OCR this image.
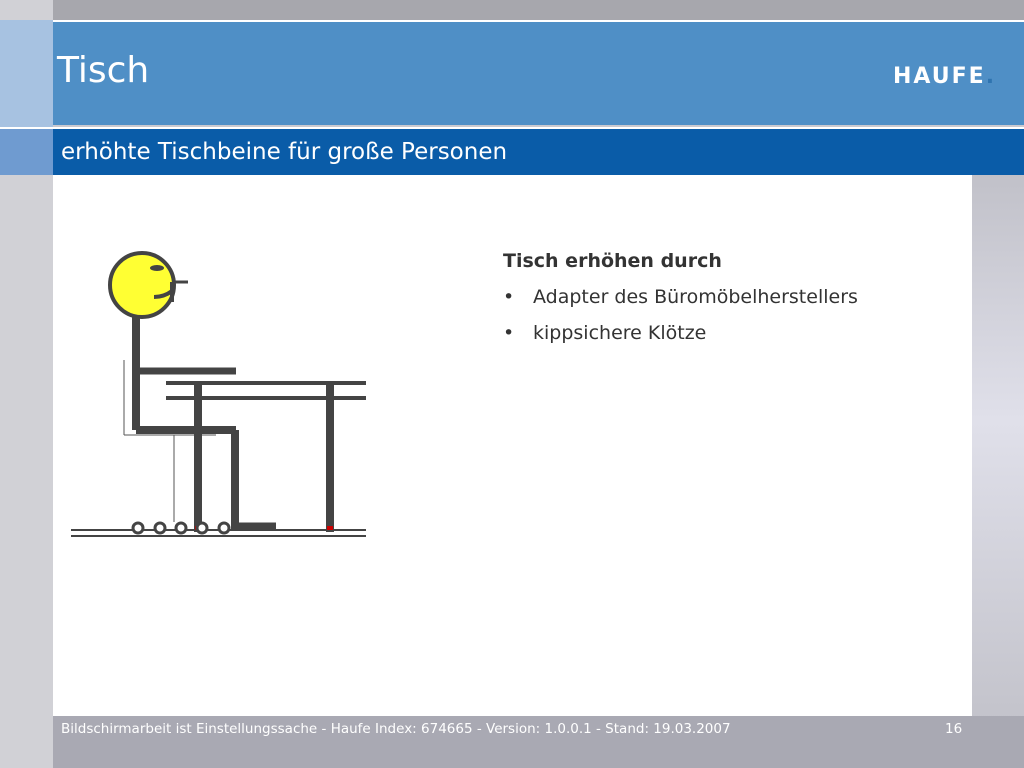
Tisch	HAUFE.
erhöhte Tischbeine für große Personen

Tisch erhöhen durch

• Adapter des Büromöbelherstellers
• kippsichere Klötze
Bildschirmarbeit ist Einstellungssache - Haufe Index: 674665 - Version: 1.0.0.1 - Stand: 19.03.2007	16
